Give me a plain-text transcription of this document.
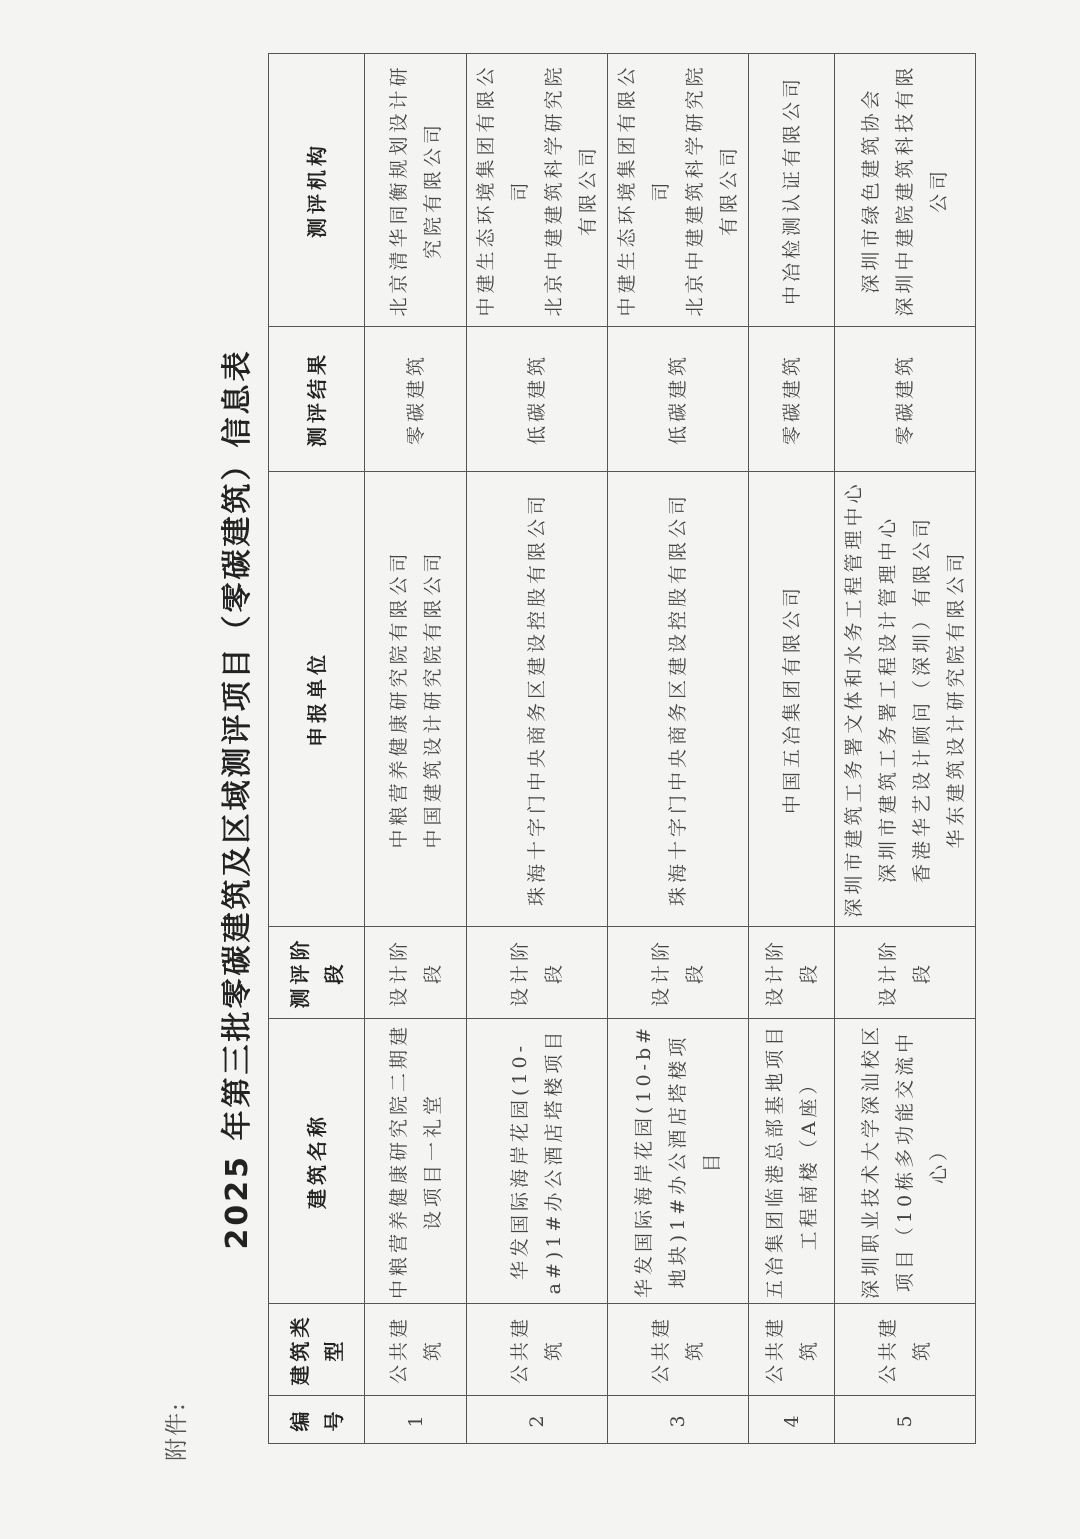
附件:
2025 年第三批零碳建筑及区域测评项目（零碳建筑）信息表
编号	建筑类型	建筑名称	测评阶段	申报单位	测评结果	测评机构
1	公共建筑	中粮营养健康研究院二期建设项目一礼堂	设计阶段	中粮营养健康研究院有限公司
中国建筑设计研究院有限公司	零碳建筑	北京清华同衡规划设计研究院有限公司
2	公共建筑	华发国际海岸花园(10-a#)1#办公酒店塔楼项目	设计阶段	珠海十字门中央商务区建设控股有限公司	低碳建筑	中建生态环境集团有限公司
北京中建建筑科学研究院有限公司
3	公共建筑	华发国际海岸花园(10-b#地块)1#办公酒店塔楼项目	设计阶段	珠海十字门中央商务区建设控股有限公司	低碳建筑	中建生态环境集团有限公司
北京中建建筑科学研究院有限公司
4	公共建筑	五冶集团临港总部基地项目工程南楼（A座）	设计阶段	中国五冶集团有限公司	零碳建筑	中冶检测认证有限公司
5	公共建筑	深圳职业技术大学深汕校区项目（10栋多功能交流中心）	设计阶段	深圳市建筑工务署文体和水务工程管理中心
深圳市建筑工务署工程设计管理中心
香港华艺设计顾问（深圳）有限公司
华东建筑设计研究院有限公司	零碳建筑	深圳市绿色建筑协会
深圳中建院建筑科技有限公司
